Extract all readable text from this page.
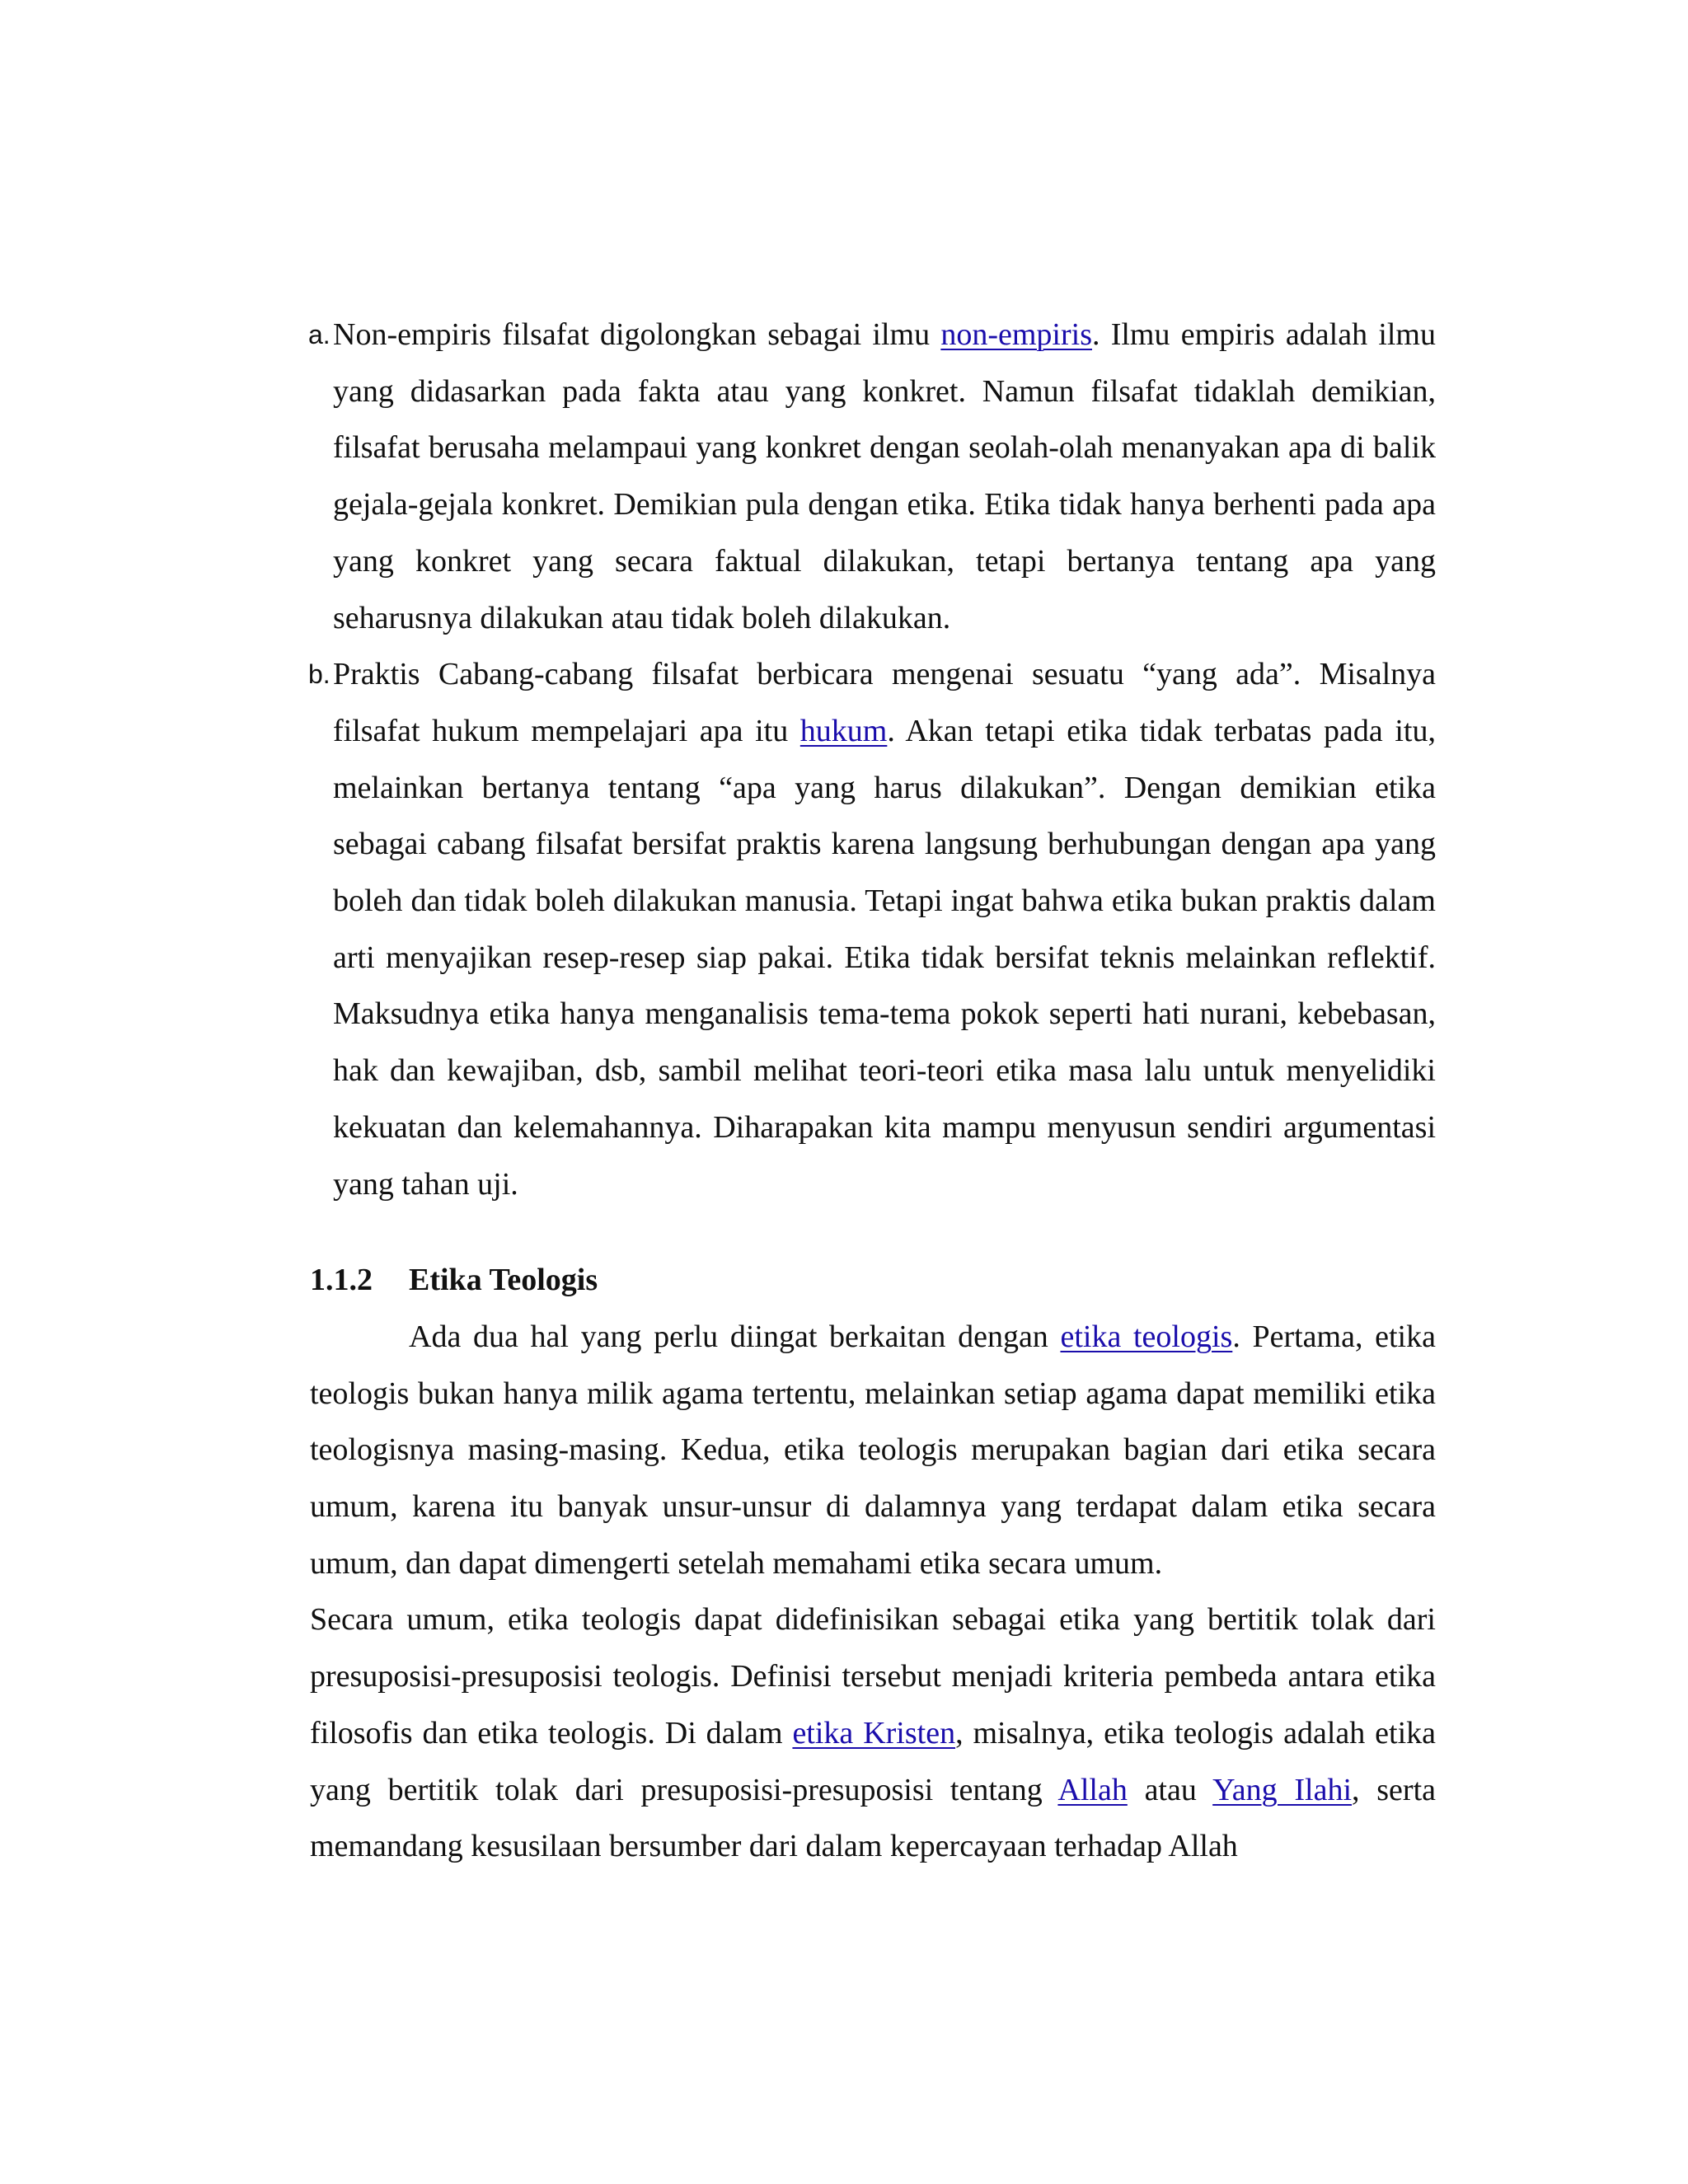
a. Non-empiris filsafat digolongkan sebagai ilmu non-empiris. Ilmu empiris adalah ilmu yang didasarkan pada fakta atau yang konkret. Namun filsafat tidaklah demikian, filsafat berusaha melampaui yang konkret dengan seolah-olah menanyakan apa di balik gejala-gejala konkret. Demikian pula dengan etika. Etika tidak hanya berhenti pada apa yang konkret yang secara faktual dilakukan, tetapi bertanya tentang apa yang seharusnya dilakukan atau tidak boleh dilakukan.

b. Praktis Cabang-cabang filsafat berbicara mengenai sesuatu “yang ada”. Misalnya filsafat hukum mempelajari apa itu hukum. Akan tetapi etika tidak terbatas pada itu, melainkan bertanya tentang “apa yang harus dilakukan”. Dengan demikian etika sebagai cabang filsafat bersifat praktis karena langsung berhubungan dengan apa yang boleh dan tidak boleh dilakukan manusia. Tetapi ingat bahwa etika bukan praktis dalam arti menyajikan resep-resep siap pakai. Etika tidak bersifat teknis melainkan reflektif. Maksudnya etika hanya menganalisis tema-tema pokok seperti hati nurani, kebebasan, hak dan kewajiban, dsb, sambil melihat teori-teori etika masa lalu untuk menyelidiki kekuatan dan kelemahannya. Diharapakan kita mampu menyusun sendiri argumentasi yang tahan uji.

1.1.2 Etika Teologis

Ada dua hal yang perlu diingat berkaitan dengan etika teologis. Pertama, etika teologis bukan hanya milik agama tertentu, melainkan setiap agama dapat memiliki etika teologisnya masing-masing. Kedua, etika teologis merupakan bagian dari etika secara umum, karena itu banyak unsur-unsur di dalamnya yang terdapat dalam etika secara umum, dan dapat dimengerti setelah memahami etika secara umum.

Secara umum, etika teologis dapat didefinisikan sebagai etika yang bertitik tolak dari presuposisi-presuposisi teologis. Definisi tersebut menjadi kriteria pembeda antara etika filosofis dan etika teologis. Di dalam etika Kristen, misalnya, etika teologis adalah etika yang bertitik tolak dari presuposisi-presuposisi tentang Allah atau Yang Ilahi, serta memandang kesusilaan bersumber dari dalam kepercayaan terhadap Allah
